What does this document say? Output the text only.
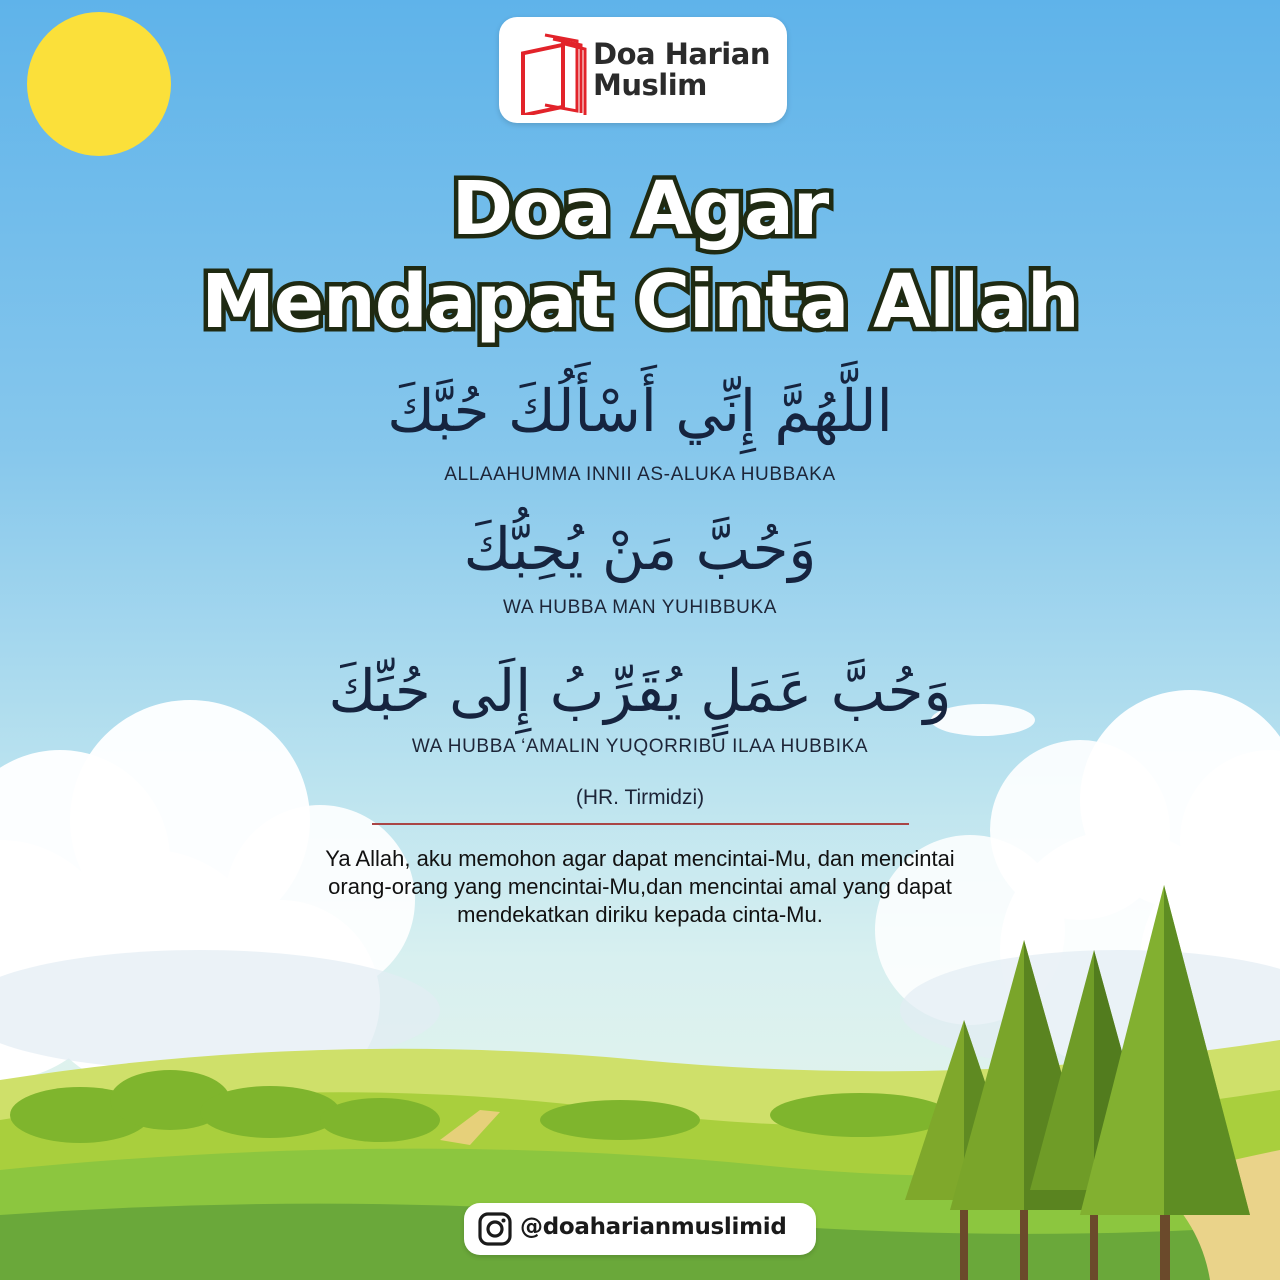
Doa Harian
Muslim
Doa Agar
Mendapat Cinta Allah
اللَّهُمَّ إِنِّي أَسْأَلُكَ حُبَّكَ
ALLAAHUMMA INNII AS-ALUKA HUBBAKA
وَحُبَّ مَنْ يُحِبُّكَ
WA HUBBA MAN YUHIBBUKA
وَحُبَّ عَمَلٍ يُقَرِّبُ إِلَى حُبِّكَ
WA HUBBA ‘AMALIN YUQORRIBU ILAA HUBBIKA
(HR. Tirmidzi)
Ya Allah, aku memohon agar dapat mencintai-Mu, dan mencintai
orang-orang yang mencintai-Mu,dan mencintai amal yang dapat
mendekatkan diriku kepada cinta-Mu.
@doaharianmuslimid
